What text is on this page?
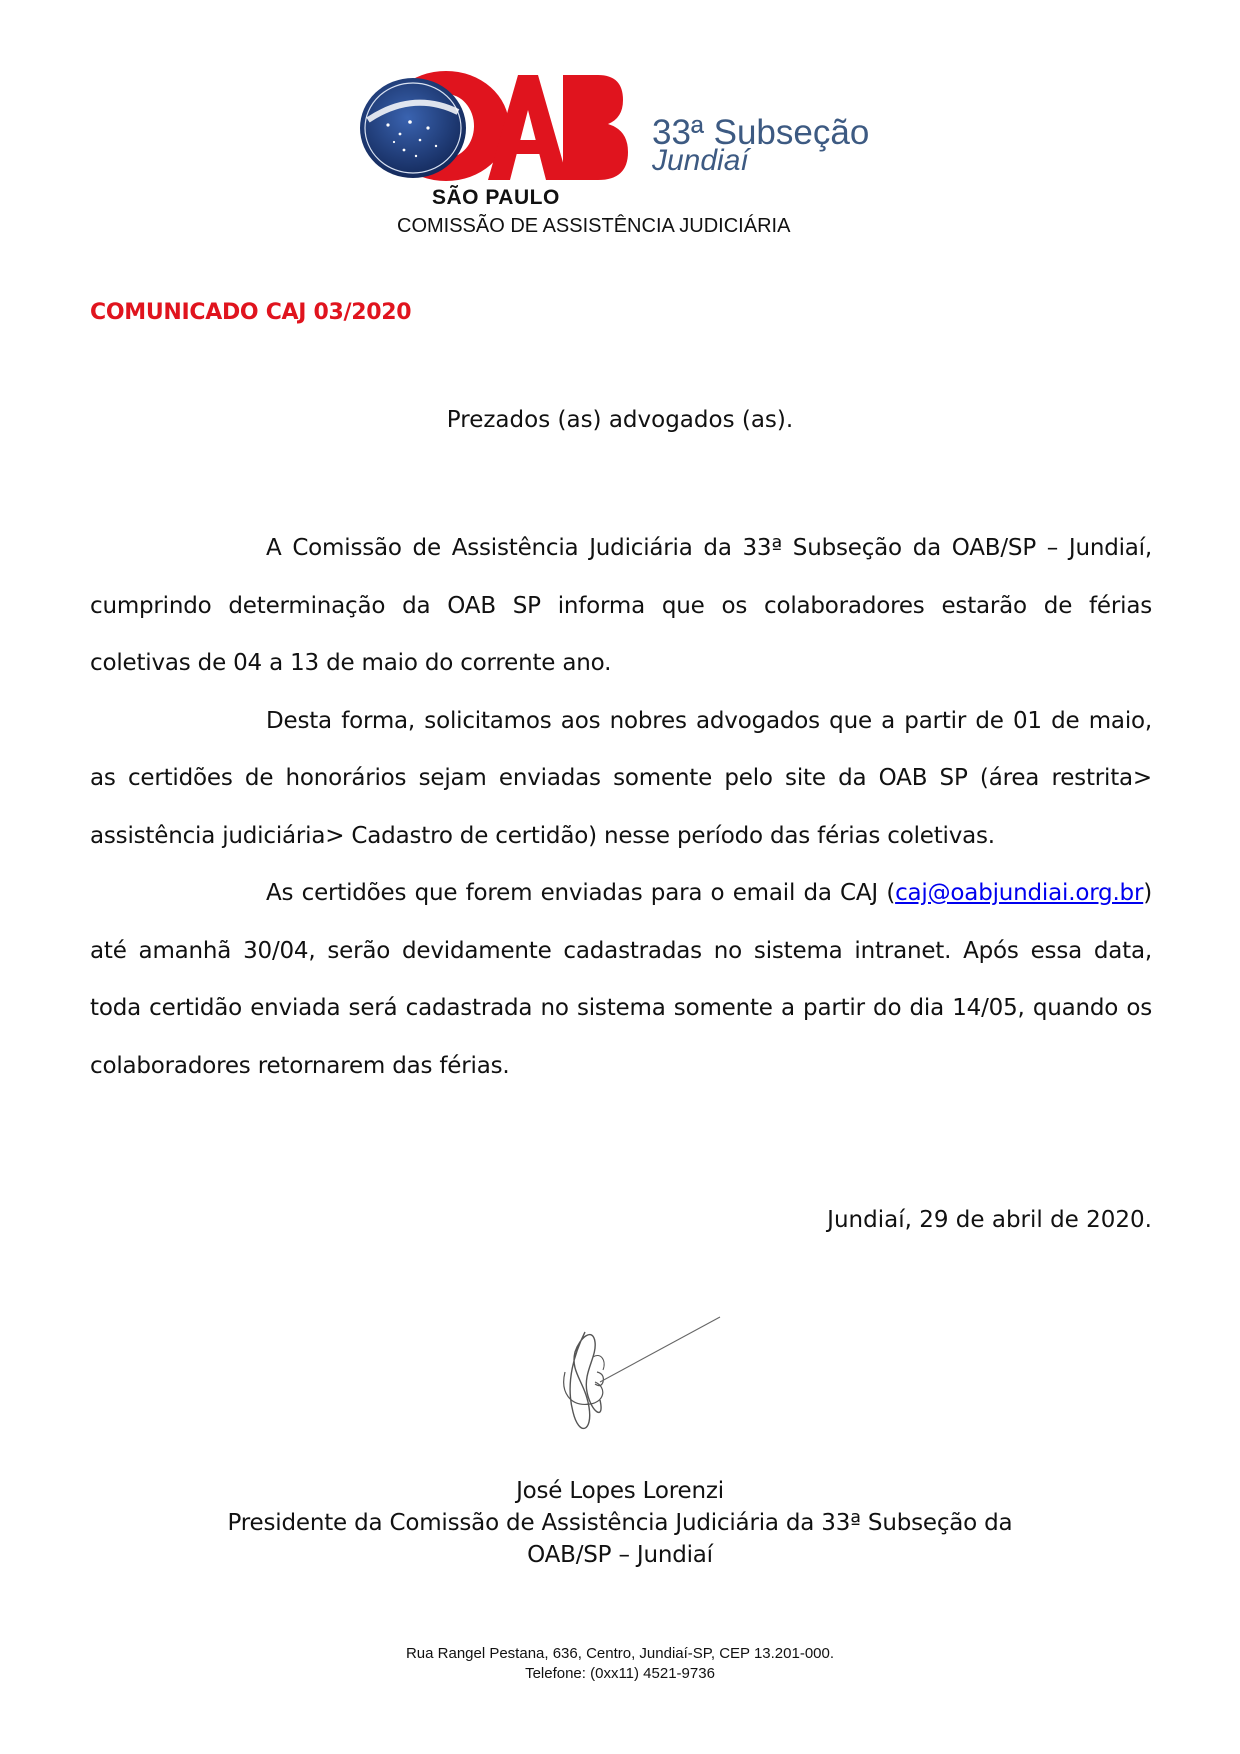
SÃO PAULO
33ª Subseção
Jundiaí
COMISSÃO DE ASSISTÊNCIA JUDICIÁRIA
COMUNICADO CAJ 03/2020
Prezados (as) advogados (as).

A Comissão de Assistência Judiciária da 33ª Subseção da OAB/SP – Jundiaí, cumprindo determinação da OAB SP informa que os colaboradores estarão de férias coletivas de 04 a 13 de maio do corrente ano.

Desta forma, solicitamos aos nobres advogados que a partir de 01 de maio, as certidões de honorários sejam enviadas somente pelo site da OAB SP (área restrita> assistência judiciária> Cadastro de certidão) nesse período das férias coletivas.

As certidões que forem enviadas para o email da CAJ (caj@oabjundiai.org.br) até amanhã 30/04, serão devidamente cadastradas no sistema intranet. Após essa data, toda certidão enviada será cadastrada no sistema somente a partir do dia 14/05, quando os colaboradores retornarem das férias.

Jundiaí, 29 de abril de 2020.
José Lopes Lorenzi
Presidente da Comissão de Assistência Judiciária da 33ª Subseção da
OAB/SP – Jundiaí
Rua Rangel Pestana, 636, Centro, Jundiaí-SP, CEP 13.201-000.
Telefone: (0xx11) 4521-9736
